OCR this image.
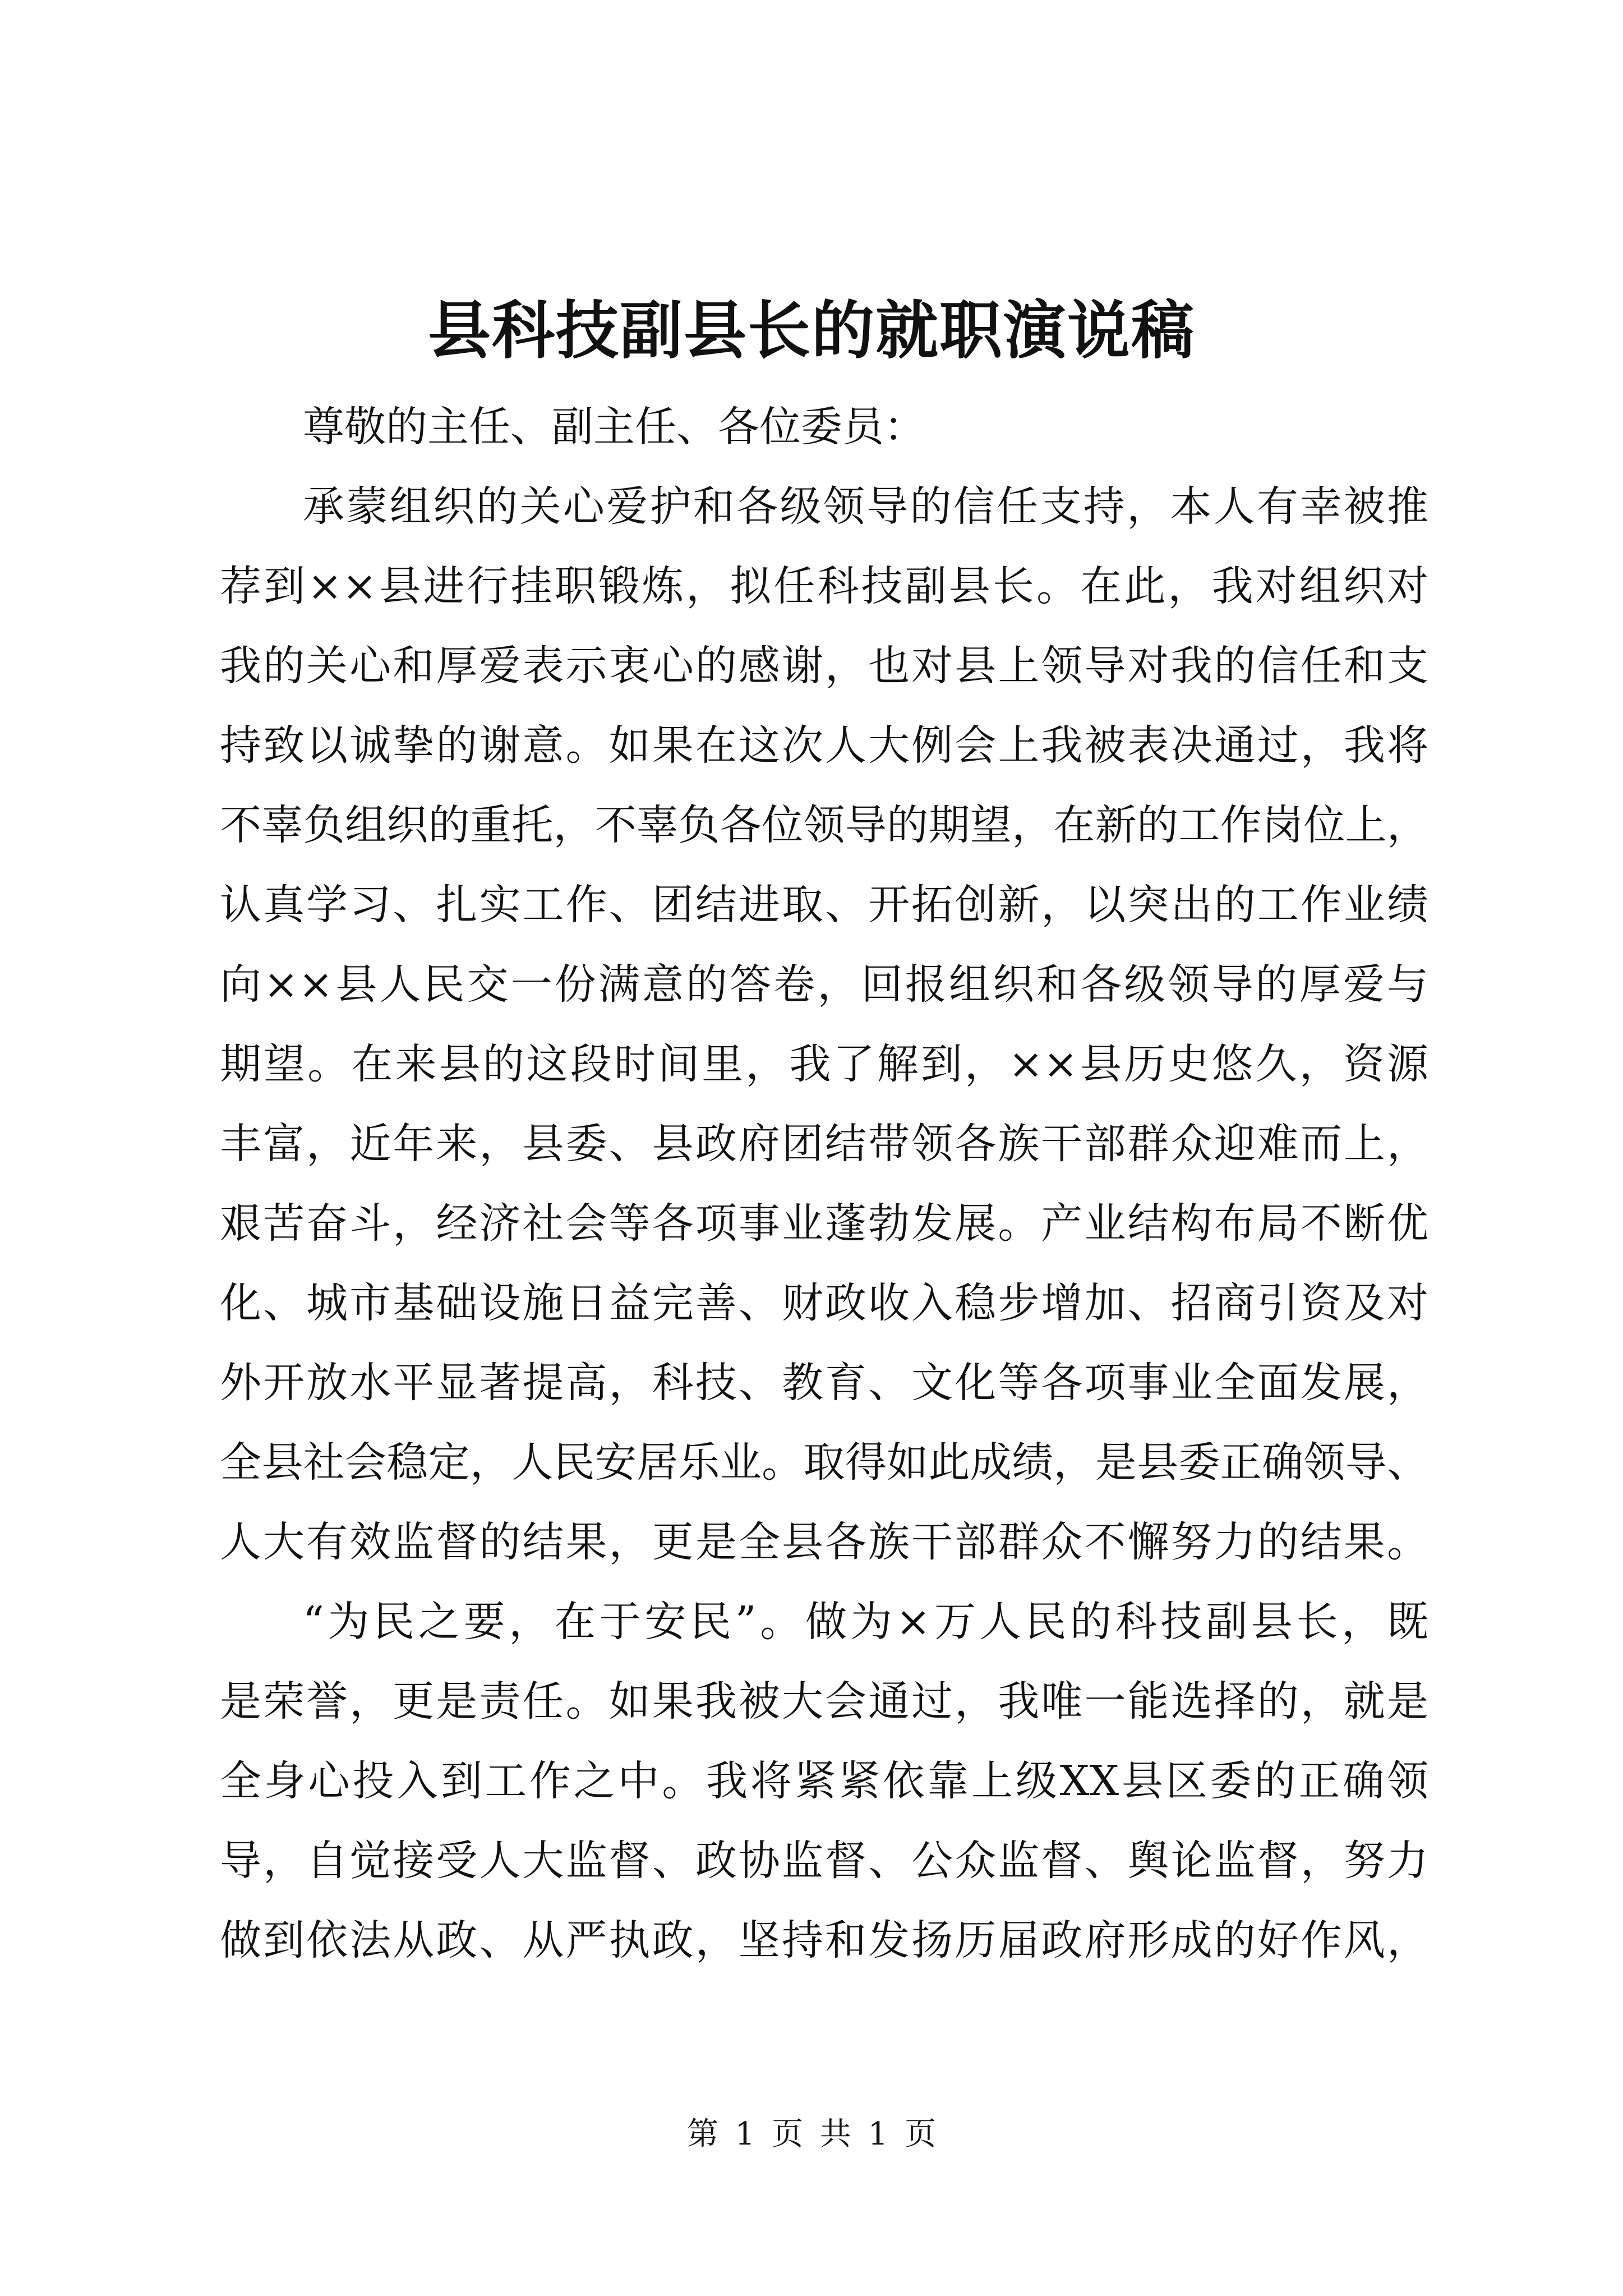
县科技副县长的就职演说稿
尊敬的主任、副主任、各位委员：
承蒙组织的关心爱护和各级领导的信任支持，本人有幸被推
荐到××县进行挂职锻炼，拟任科技副县长。在此，我对组织对
我的关心和厚爱表示衷心的感谢，也对县上领导对我的信任和支
持致以诚挚的谢意。如果在这次人大例会上我被表决通过，我将
不辜负组织的重托，不辜负各位领导的期望，在新的工作岗位上，
认真学习、扎实工作、团结进取、开拓创新，以突出的工作业绩
向××县人民交一份满意的答卷，回报组织和各级领导的厚爱与
期望。在来县的这段时间里，我了解到，××县历史悠久，资源
丰富，近年来，县委、县政府团结带领各族干部群众迎难而上，
艰苦奋斗，经济社会等各项事业蓬勃发展。产业结构布局不断优
化、城市基础设施日益完善、财政收入稳步增加、招商引资及对
外开放水平显著提高，科技、教育、文化等各项事业全面发展，
全县社会稳定，人民安居乐业。取得如此成绩，是县委正确领导、
人大有效监督的结果，更是全县各族干部群众不懈努力的结果。
“为民之要，在于安民”。做为×万人民的科技副县长，既
是荣誉，更是责任。如果我被大会通过，我唯一能选择的，就是
全身心投入到工作之中。我将紧紧依靠上级XX县区委的正确领
导，自觉接受人大监督、政协监督、公众监督、舆论监督，努力
做到依法从政、从严执政，坚持和发扬历届政府形成的好作风，
第 1 页 共 1 页
